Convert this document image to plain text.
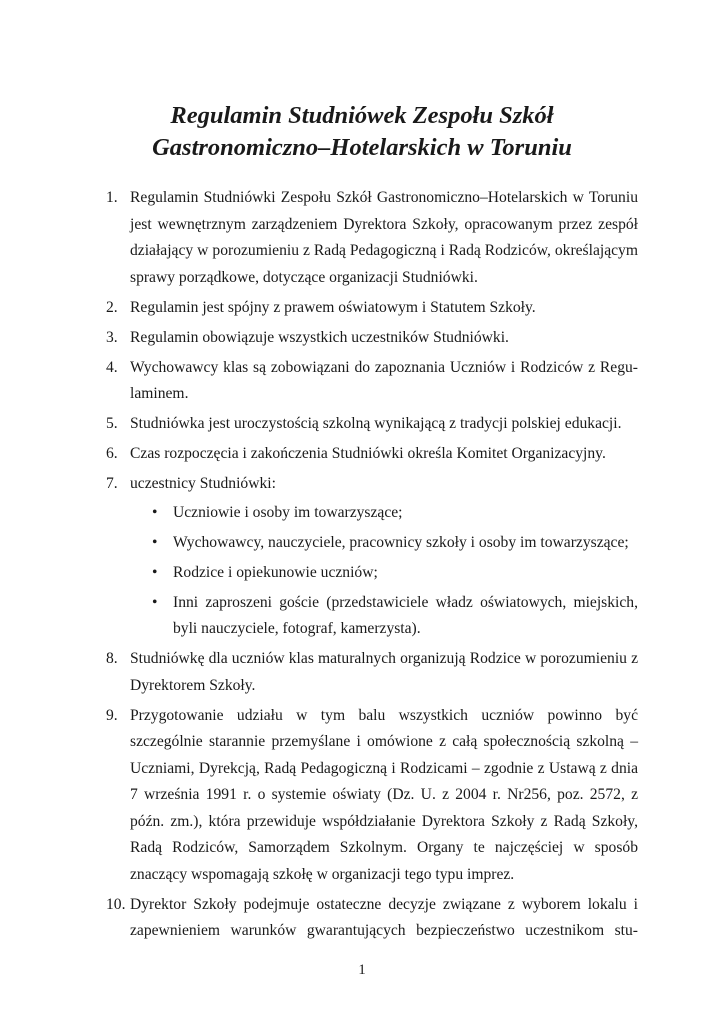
Regulamin Studniówek Zespołu Szkół
Gastronomiczno–Hotelarskich w Toruniu
1. Regulamin Studniówki Zespołu Szkół Gastronomiczno–Hotelarskich w Toruniu jest wewnętrznym zarządzeniem Dyrektora Szkoły, opracowanym przez zespół działający w porozumieniu z Radą Pedagogiczną i Radą Rodziców, określającym sprawy porządkowe, dotyczące organizacji Studniówki.
2. Regulamin jest spójny z prawem oświatowym i Statutem Szkoły.
3. Regulamin obowiązuje wszystkich uczestników Studniówki.
4. Wychowawcy klas są zobowiązani do zapoznania Uczniów i Rodziców z Regulaminem.
5. Studniówka jest uroczystością szkolną wynikającą z tradycji polskiej edukacji.
6. Czas rozpoczęcia i zakończenia Studniówki określa Komitet Organizacyjny.
7. uczestnicy Studniówki:
• Uczniowie i osoby im towarzyszące;
• Wychowawcy, nauczyciele, pracownicy szkoły i osoby im towarzyszące;
• Rodzice i opiekunowie uczniów;
• Inni zaproszeni goście (przedstawiciele władz oświatowych, miejskich, byli nauczyciele, fotograf, kamerzysta).
8. Studniówkę dla uczniów klas maturalnych organizują Rodzice w porozumieniu z Dyrektorem Szkoły.
9. Przygotowanie udziału w tym balu wszystkich uczniów powinno być szczególnie starannie przemyślane i omówione z całą społecznością szkolną – Uczniami, Dyrekcją, Radą Pedagogiczną i Rodzicami – zgodnie z Ustawą z dnia 7 września 1991 r. o systemie oświaty (Dz. U. z 2004 r. Nr256, poz. 2572, z późn. zm.), która przewiduje współdziałanie Dyrektora Szkoły z Radą Szkoły, Radą Rodziców, Samorządem Szkolnym. Organy te najczęściej w sposób znaczący wspomagają szkołę w organizacji tego typu imprez.
10. Dyrektor Szkoły podejmuje ostateczne decyzje związane z wyborem lokalu i zapewnieniem warunków gwarantujących bezpieczeństwo uczestnikom stu-
1
